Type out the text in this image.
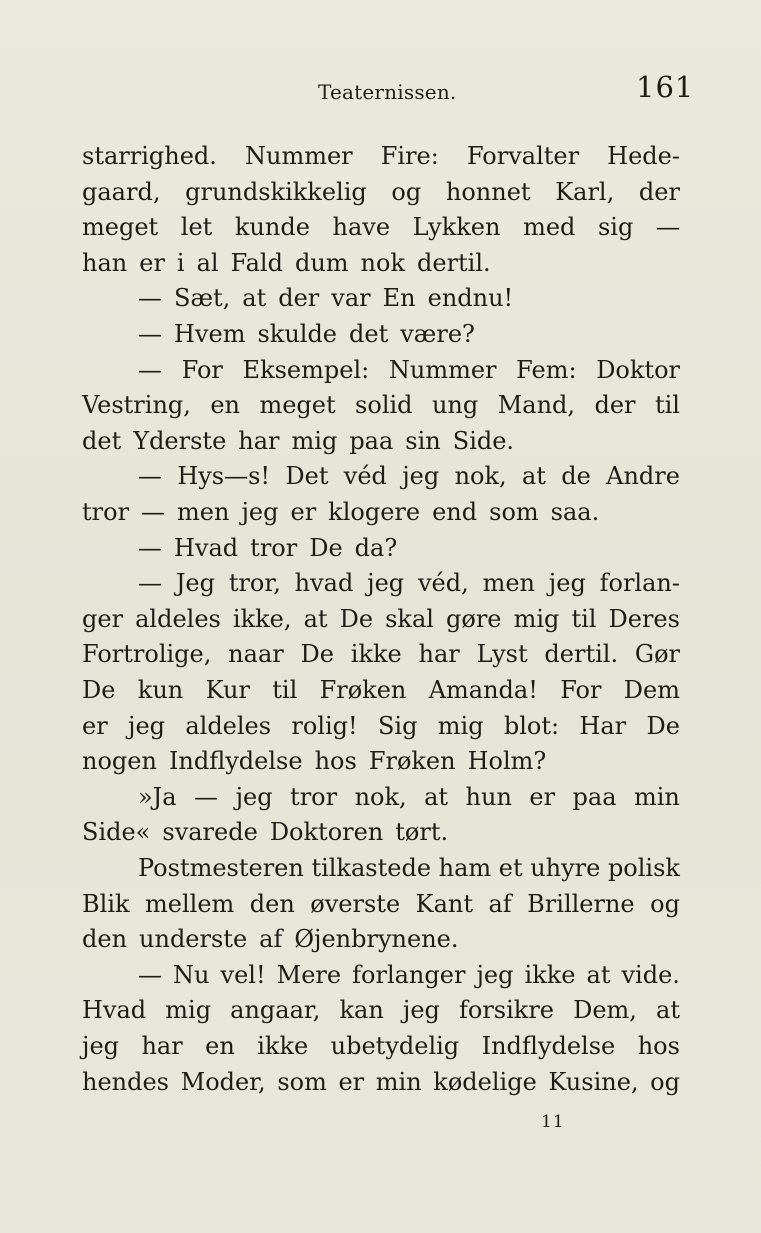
Teaternissen.	161
starrighed. Nummer Fire: Forvalter Hede-
gaard, grundskikkelig og honnet Karl, der
meget let kunde have Lykken med sig —
han er i al Fald dum nok dertil.
— Sæt, at der var En endnu!
— Hvem skulde det være?
— For Eksempel: Nummer Fem: Doktor
Vestring, en meget solid ung Mand, der til
det Yderste har mig paa sin Side.
— Hys—s! Det véd jeg nok, at de Andre
tror — men jeg er klogere end som saa.
— Hvad tror De da?
— Jeg tror, hvad jeg véd, men jeg forlan-
ger aldeles ikke, at De skal gøre mig til Deres
Fortrolige, naar De ikke har Lyst dertil. Gør
De kun Kur til Frøken Amanda! For Dem
er jeg aldeles rolig! Sig mig blot: Har De
nogen Indflydelse hos Frøken Holm?
»Ja — jeg tror nok, at hun er paa min
Side« svarede Doktoren tørt.
Postmesteren tilkastede ham et uhyre polisk
Blik mellem den øverste Kant af Brillerne og
den underste af Øjenbrynene.
— Nu vel! Mere forlanger jeg ikke at vide.
Hvad mig angaar, kan jeg forsikre Dem, at
jeg har en ikke ubetydelig Indflydelse hos
hendes Moder, som er min kødelige Kusine, og
11
